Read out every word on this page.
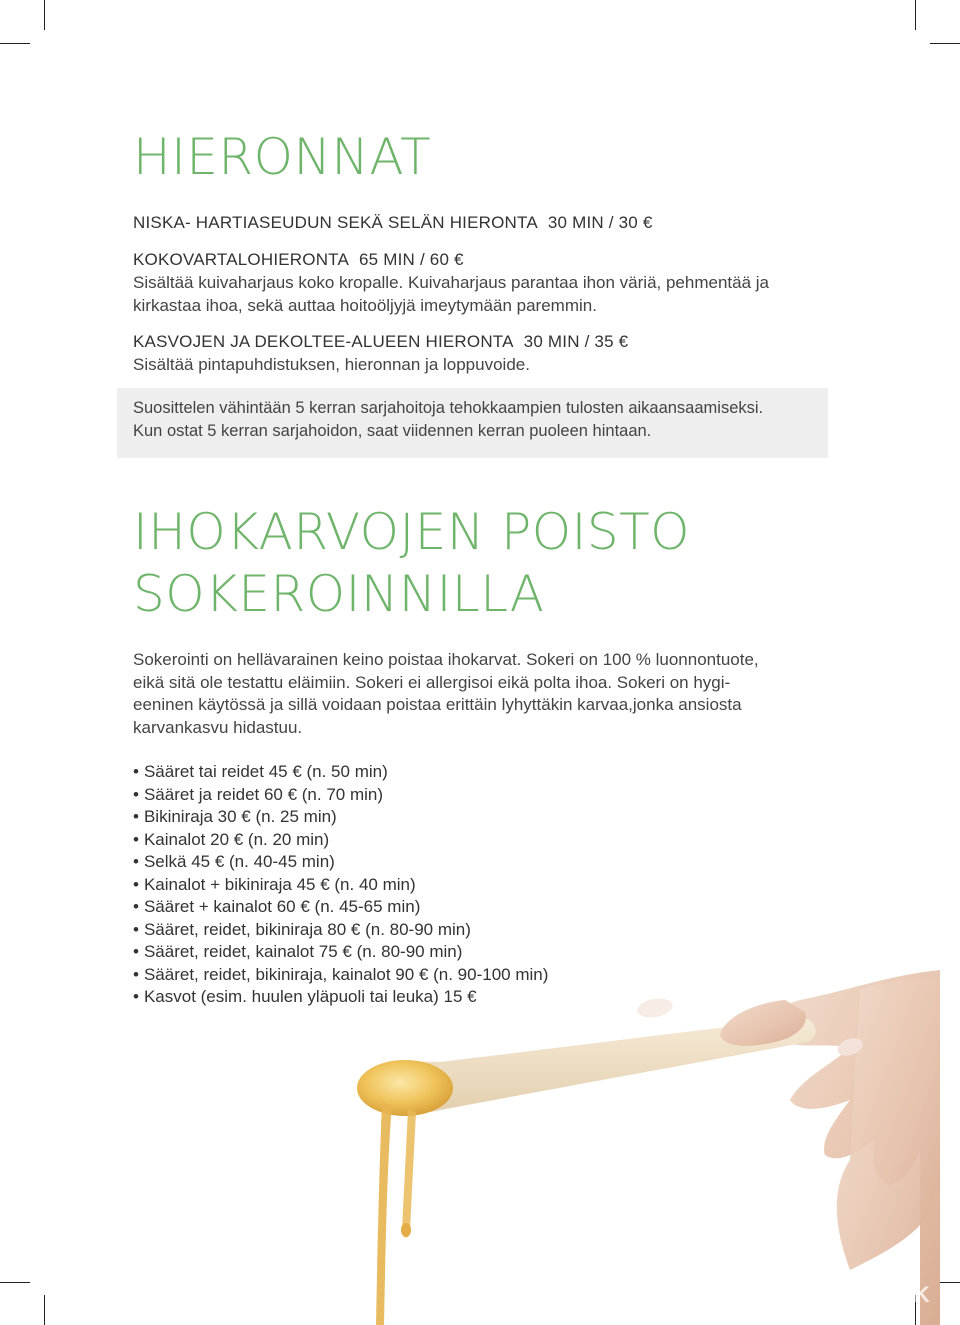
HIERONNAT
NISKA- HARTIASEUDUN SEKÄ SELÄN HIERONTA 30 MIN / 30 €
KOKOVARTALOHIERONTA 65 MIN / 60 €
Sisältää kuivaharjaus koko kropalle. Kuivaharjaus parantaa ihon väriä, pehmentää ja
kirkastaa ihoa, sekä auttaa hoitoöljyjä imeytymään paremmin.
KASVOJEN JA DEKOLTEE-ALUEEN HIERONTA 30 MIN / 35 €
Sisältää pintapuhdistuksen, hieronnan ja loppuvoide.

Suosittelen vähintään 5 kerran sarjahoitoja tehokkaampien tulosten aikaansaamiseksi.

Kun ostat 5 kerran sarjahoidon, saat viidennen kerran puoleen hintaan.

IHOKARVOJEN POISTO
SOKEROINNILLA
Sokerointi on hellävarainen keino poistaa ihokarvat. Sokeri on 100 % luonnontuote,
eikä sitä ole testattu eläimiin. Sokeri ei allergisoi eikä polta ihoa. Sokeri on hygi-
eeninen käytössä ja sillä voidaan poistaa erittäin lyhyttäkin karvaa,jonka ansiosta
karvankasvu hidastuu.
• Sääret tai reidet 45 € (n. 50 min)
• Sääret ja reidet 60 € (n. 70 min)
• Bikiniraja 30 € (n. 25 min)
• Kainalot 20 € (n. 20 min)
• Selkä 45 € (n. 40-45 min)
• Kainalot + bikiniraja 45 € (n. 40 min)
• Sääret + kainalot 60 € (n. 45-65 min)
• Sääret, reidet, bikiniraja 80 € (n. 80-90 min)
• Sääret, reidet, kainalot 75 € (n. 80-90 min)
• Sääret, reidet, bikiniraja, kainalot 90 € (n. 90-100 min)
• Kasvot (esim. huulen yläpuoli tai leuka) 15 €
seGEEK
